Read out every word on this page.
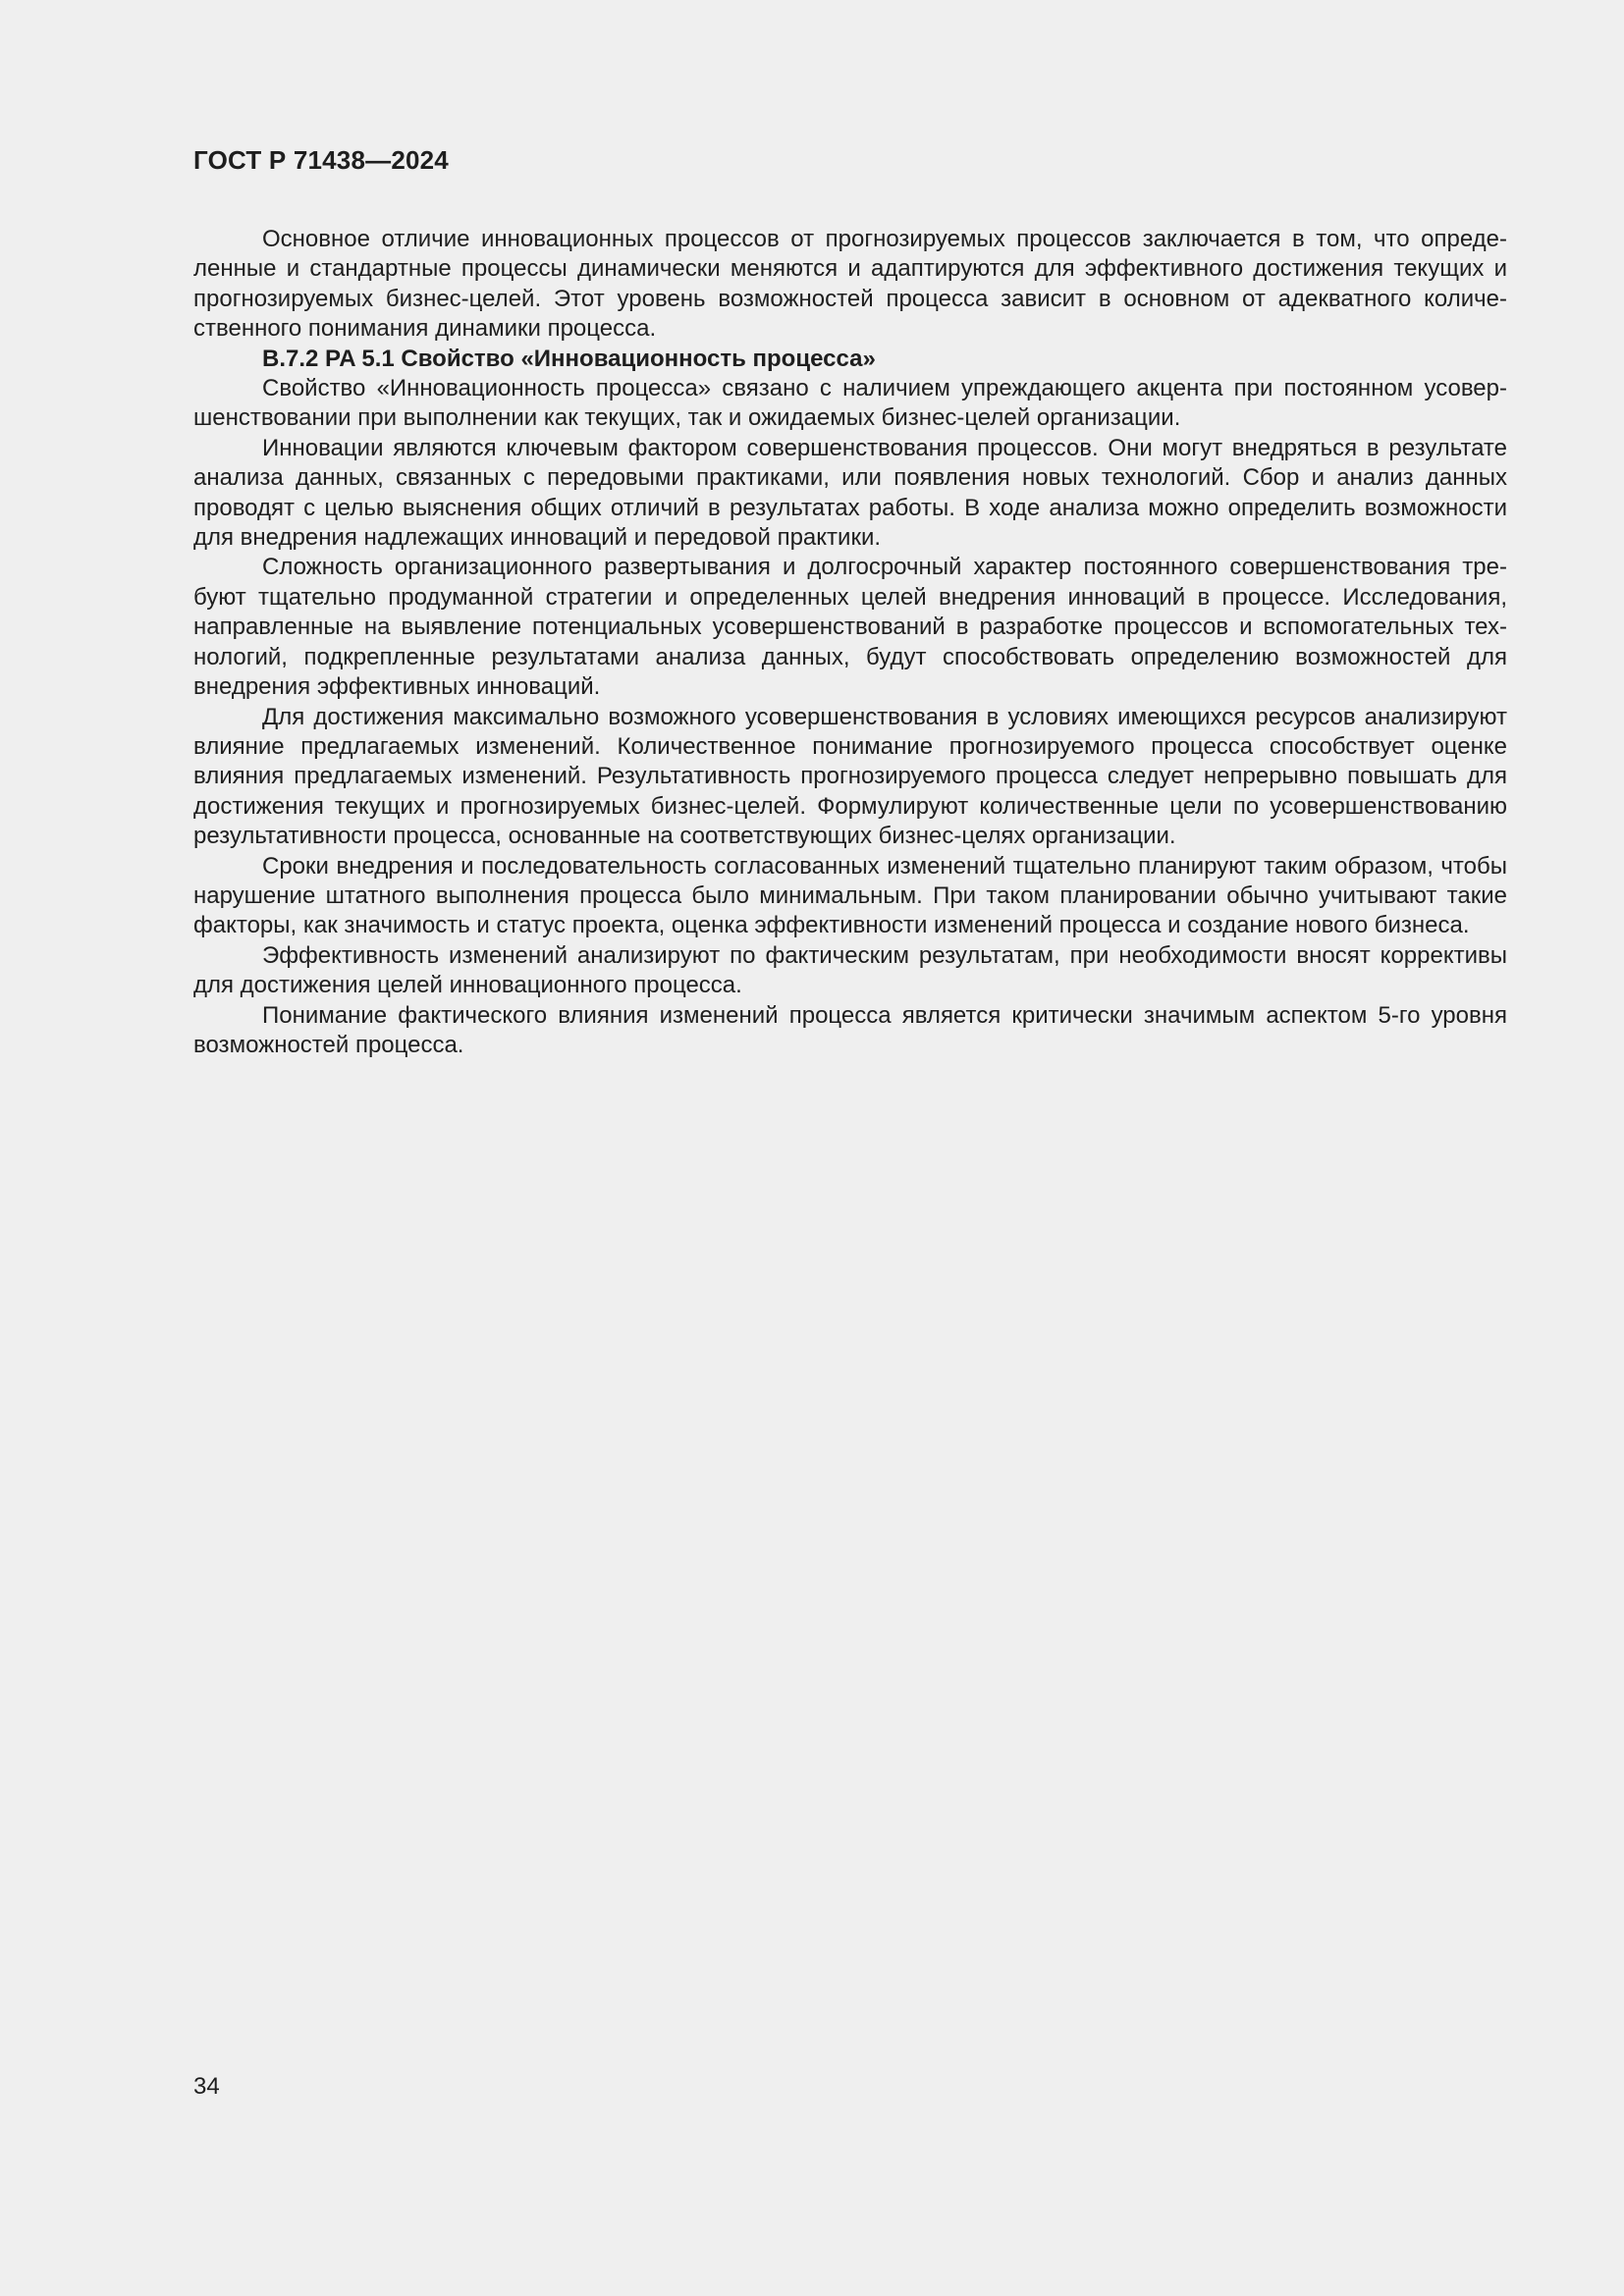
ГОСТ Р 71438—2024

Основное отличие инновационных процессов от прогнозируемых процессов заключается в том, что определенные и стандартные процессы динамически меняются и адаптируются для эффективного достижения текущих и прогнозируемых бизнес-целей. Этот уровень возможностей процесса зависит в основном от адекватного количественного понимания динамики процесса.

В.7.2 PA 5.1 Свойство «Инновационность процесса»

Свойство «Инновационность процесса» связано с наличием упреждающего акцента при постоянном усовершенствовании при выполнении как текущих, так и ожидаемых бизнес-целей организации.

Инновации являются ключевым фактором совершенствования процессов. Они могут внедряться в результате анализа данных, связанных с передовыми практиками, или появления новых технологий. Сбор и анализ данных проводят с целью выяснения общих отличий в результатах работы. В ходе анализа можно определить возможности для внедрения надлежащих инноваций и передовой практики.

Сложность организационного развертывания и долгосрочный характер постоянного совершенствования требуют тщательно продуманной стратегии и определенных целей внедрения инноваций в процессе. Исследования, направленные на выявление потенциальных усовершенствований в разработке процессов и вспомогательных технологий, подкрепленные результатами анализа данных, будут способствовать определению возможностей для внедрения эффективных инноваций.

Для достижения максимально возможного усовершенствования в условиях имеющихся ресурсов анализируют влияние предлагаемых изменений. Количественное понимание прогнозируемого процесса способствует оценке влияния предлагаемых изменений. Результативность прогнозируемого процесса следует непрерывно повышать для достижения текущих и прогнозируемых бизнес-целей. Формулируют количественные цели по усовершенствованию результативности процесса, основанные на соответствующих бизнес-целях организации.

Сроки внедрения и последовательность согласованных изменений тщательно планируют таким образом, чтобы нарушение штатного выполнения процесса было минимальным. При таком планировании обычно учитывают такие факторы, как значимость и статус проекта, оценка эффективности изменений процесса и создание нового бизнеса.

Эффективность изменений анализируют по фактическим результатам, при необходимости вносят коррективы для достижения целей инновационного процесса.

Понимание фактического влияния изменений процесса является критически значимым аспектом 5-го уровня возможностей процесса.

34
